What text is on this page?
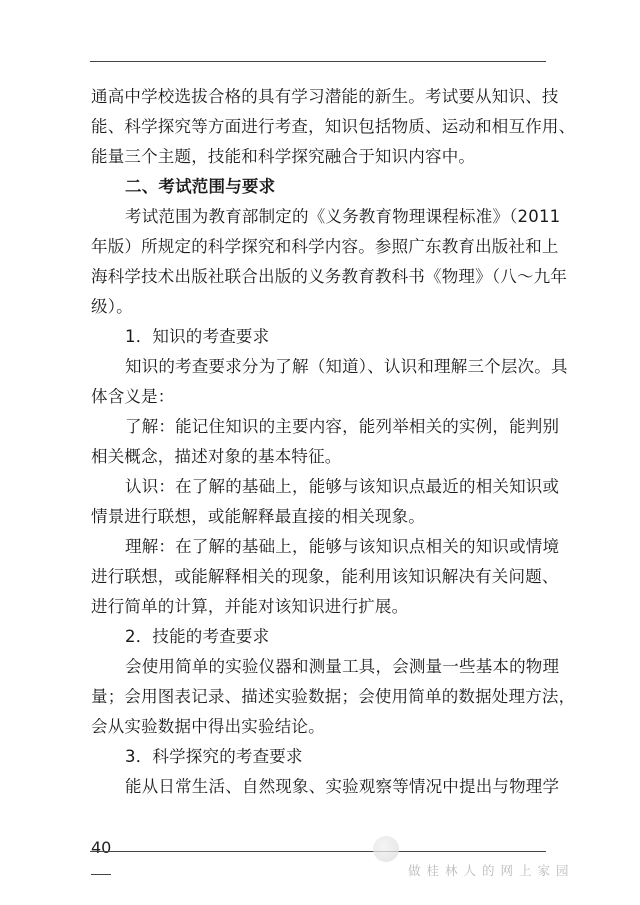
通高中学校选拔合格的具有学习潜能的新生。考试要从知识、技
能、科学探究等方面进行考查，知识包括物质、运动和相互作用、
能量三个主题，技能和科学探究融合于知识内容中。
二、考试范围与要求
考试范围为教育部制定的《义务教育物理课程标准》（2011
年版）所规定的科学探究和科学内容。参照广东教育出版社和上
海科学技术出版社联合出版的义务教育教科书《物理》（八～九年
级）。
1．知识的考查要求
知识的考查要求分为了解（知道）、认识和理解三个层次。具
体含义是：
了解：能记住知识的主要内容，能列举相关的实例，能判别
相关概念，描述对象的基本特征。
认识：在了解的基础上，能够与该知识点最近的相关知识或
情景进行联想，或能解释最直接的相关现象。
理解：在了解的基础上，能够与该知识点相关的知识或情境
进行联想，或能解释相关的现象，能利用该知识解决有关问题、
进行简单的计算，并能对该知识进行扩展。
2．技能的考查要求
会使用简单的实验仪器和测量工具，会测量一些基本的物理
量；会用图表记录、描述实验数据；会使用简单的数据处理方法，
会从实验数据中得出实验结论。
3．科学探究的考查要求
能从日常生活、自然现象、实验观察等情况中提出与物理学
40
做桂林人的网上家园
